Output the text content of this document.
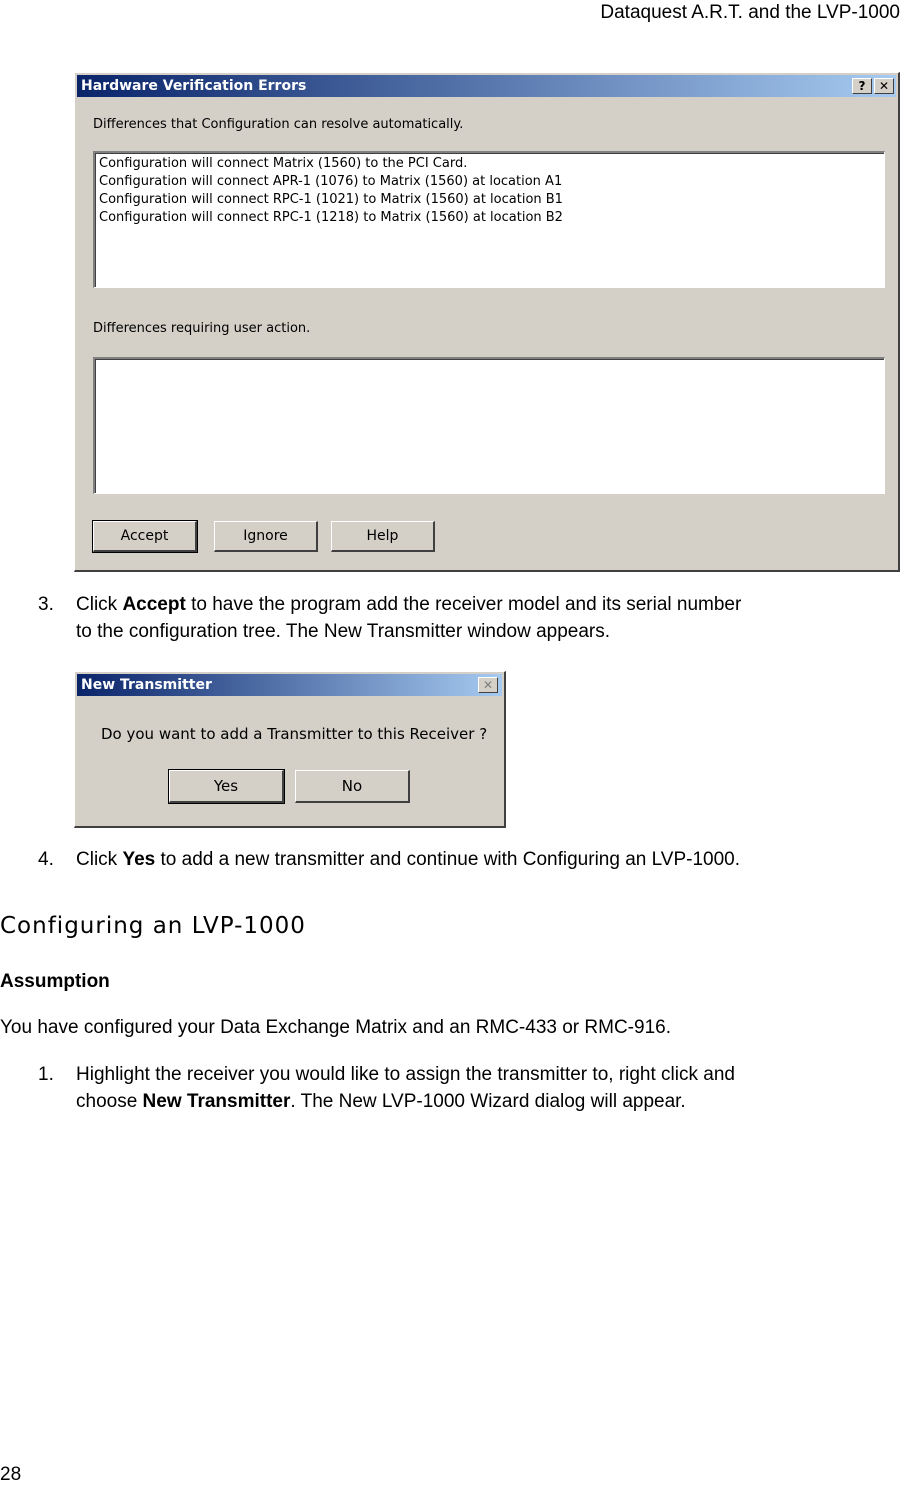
Dataquest A.R.T. and the LVP-1000
Hardware Verification Errors	?	✕
Differences that Configuration can resolve automatically.
Configuration will connect Matrix (1560) to the PCI Card.
Configuration will connect APR-1 (1076) to Matrix (1560) at location A1
Configuration will connect RPC-1 (1021) to Matrix (1560) at location B1
Configuration will connect RPC-1 (1218) to Matrix (1560) at location B2
Differences requiring user action.
Accept	Ignore	Help
3. Click Accept to have the program add the receiver model and its serial number
to the configuration tree. The New Transmitter window appears.
New Transmitter	✕
Do you want to add a Transmitter to this Receiver ?
Yes	No
4. Click Yes to add a new transmitter and continue with Configuring an LVP-1000.
Configuring an LVP-1000
Assumption
You have configured your Data Exchange Matrix and an RMC-433 or RMC-916.
1. Highlight the receiver you would like to assign the transmitter to, right click and
choose New Transmitter. The New LVP-1000 Wizard dialog will appear.
28
